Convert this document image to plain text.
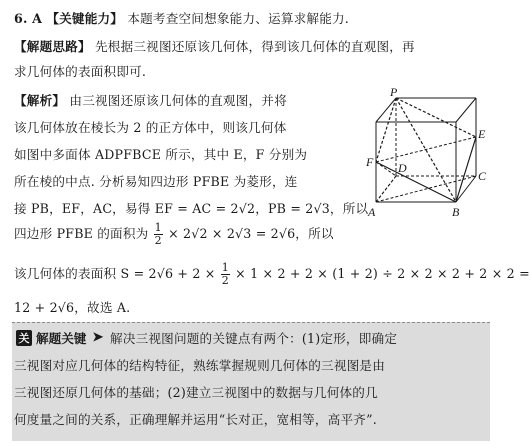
6. A 【关键能力】 本题考查空间想象能力、运算求解能力.
【解题思路】 先根据三视图还原该几何体，得到该几何体的直观图，再
求几何体的表面积即可.
【解析】 由三视图还原该几何体的直观图，并将
该几何体放在棱长为 2 的正方体中，则该几何体
如图中多面体 ADPFBCE 所示，其中 E，F 分别为
所在棱的中点. 分析易知四边形 PFBE 为菱形，连
接 PB，EF，AC，易得 EF = AC = 2√2，PB = 2√3，所以
四边形 PFBE 的面积为 $\frac{1}{2} \times 2√2 \times 2√3 = 2√6$，所以
该几何体的表面积 $S = 2√6 + 2 \times \frac{1}{2} \times 1 \times 2 + 2 \times (1 + 2) \div 2 \times 2 \times 2 + 2 \times 2$ =
12 + 2√6，故选 A.
P
E
F D
C
A	B
关 解题关键 ➤ 解决三视图问题的关键点有两个：(1)定形，即确定
三视图对应几何体的结构特征，熟练掌握规则几何体的三视图是由
三视图还原几何体的基础；(2)建立三视图中的数据与几何体的几
何度量之间的关系，正确理解并运用“长对正，宽相等，高平齐”.
